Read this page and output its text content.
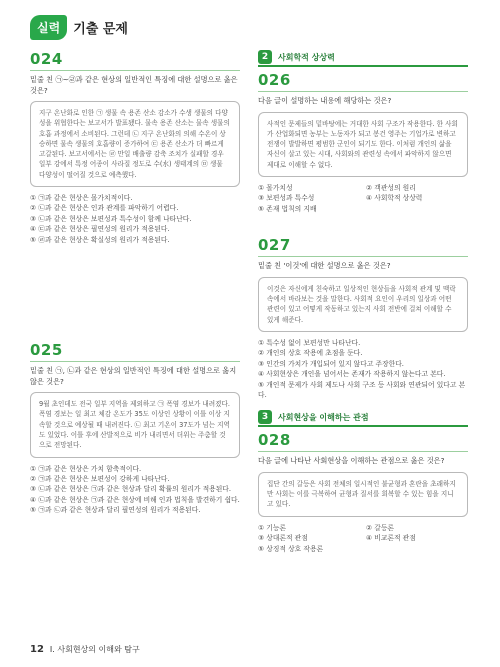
실력	기출 문제
024
밑줄 친 ㉠~㉣과 같은 현상의 일반적인 특징에 대한 설명으로 옳은 것은?
지구 온난화로 인한 ㉠ 생물 속 용존 산소 감소가 수생 생물의 다양성을 위협한다는 보고서가 발표됐다. 물속 용존 산소는 물속 생물의 호흡 과정에서 소비된다. 그런데 ㉡ 지구 온난화의 의해 수온이 상승하면 물속 생물의 호흡량이 증가하여 ㉢ 용존 산소가 더 빠르게 고갈된다. 보고서에서는 ㉣ 만일 배출량 감축 조치가 실패할 경우 일부 강에서 특정 어종이 사라질 정도로 수(水) 생태계의 ㉤ 생물 다양성이 떨어질 것으로 예측했다.
① ㉠과 같은 현상은 몰가치적이다.
② ㉡과 같은 현상은 인과 관계를 파악하기 어렵다.
③ ㉡과 같은 현상은 보편성과 특수성이 함께 나타난다.
④ ㉢과 같은 현상은 필연성의 원리가 적용된다.
⑤ ㉣과 같은 현상은 확실성의 원리가 적용된다.
025
밑줄 친 ㉠, ㉡과 같은 현상의 일반적인 특징에 대한 설명으로 옳지 않은 것은?
9월 초인데도 전국 일부 지역을 제외하고 ㉠ 폭염 경보가 내려졌다. 폭염 경보는 일 최고 체감 온도가 35도 이상인 상황이 이틀 이상 지속할 것으로 예상될 때 내려진다. ㉡ 최고 기온이 37도가 넘는 지역도 있었다. 이틀 후에 산발적으로 비가 내리면서 더위는 주춤할 것으로 전망된다.
① ㉠과 같은 현상은 가치 함축적이다.
② ㉠과 같은 현상은 보편성이 강하게 나타난다.
③ ㉡과 같은 현상은 ㉠과 같은 현상과 달리 확률의 원리가 적용된다.
④ ㉡과 같은 현상은 ㉠과 같은 현상에 비해 인과 법칙을 발견하기 쉽다.
⑤ ㉠과 ㉡과 같은 현상과 달리 필연성의 원리가 적용된다.
2	사회학적 상상력
026
다음 글이 설명하는 내용에 해당하는 것은?
사적인 문제들의 밑바탕에는 거대한 사회 구조가 작용한다. 한 사회가 산업화되면 농부는 노동자가 되고 봉건 영주는 기업가로 변하고 전쟁이 발발하면 평범한 군인이 되기도 한다. 이처럼 개인의 삶을 자신이 살고 있는 시대, 사회와의 관련성 속에서 파악하지 않으면 제대로 이해할 수 없다.
① 몰가치성	② 객관성의 원리
③ 보편성과 특수성	④ 사회학적 상상력
⑤ 존재 법칙의 지배
027
밑줄 친 '이것'에 대한 설명으로 옳은 것은?
이것은 자신에게 친숙하고 일상적인 현상들을 사회적 관계 및 맥락 속에서 바라보는 것을 말한다. 사회적 요인이 우리의 일상과 어떤 관련이 있고 어떻게 작동하고 있는지 사회 전반에 걸쳐 이해할 수 있게 해준다.
① 특수성 없이 보편성만 나타난다.
② 개인의 상호 작용에 초점을 둔다.
③ 인간의 가치가 개입되어 있지 않다고 주장한다.
④ 사회현상은 개인을 넘어서는 존재가 작용하지 않는다고 본다.
⑤ 개인적 문제가 사회 제도나 사회 구조 등 사회와 연관되어 있다고 본다.
3	사회현상을 이해하는 관점
028
다음 글에 나타난 사회현상을 이해하는 관점으로 옳은 것은?
집단 간의 갈등은 사회 전체의 일시적인 불균형과 혼란을 초래하지만 사회는 이를 극복하여 균형과 질서를 회복할 수 있는 힘을 지니고 있다.
① 기능론	② 갈등론
③ 상대론적 관점	④ 비교론적 관점
⑤ 상징적 상호 작용론
12 I. 사회현상의 이해와 탐구
